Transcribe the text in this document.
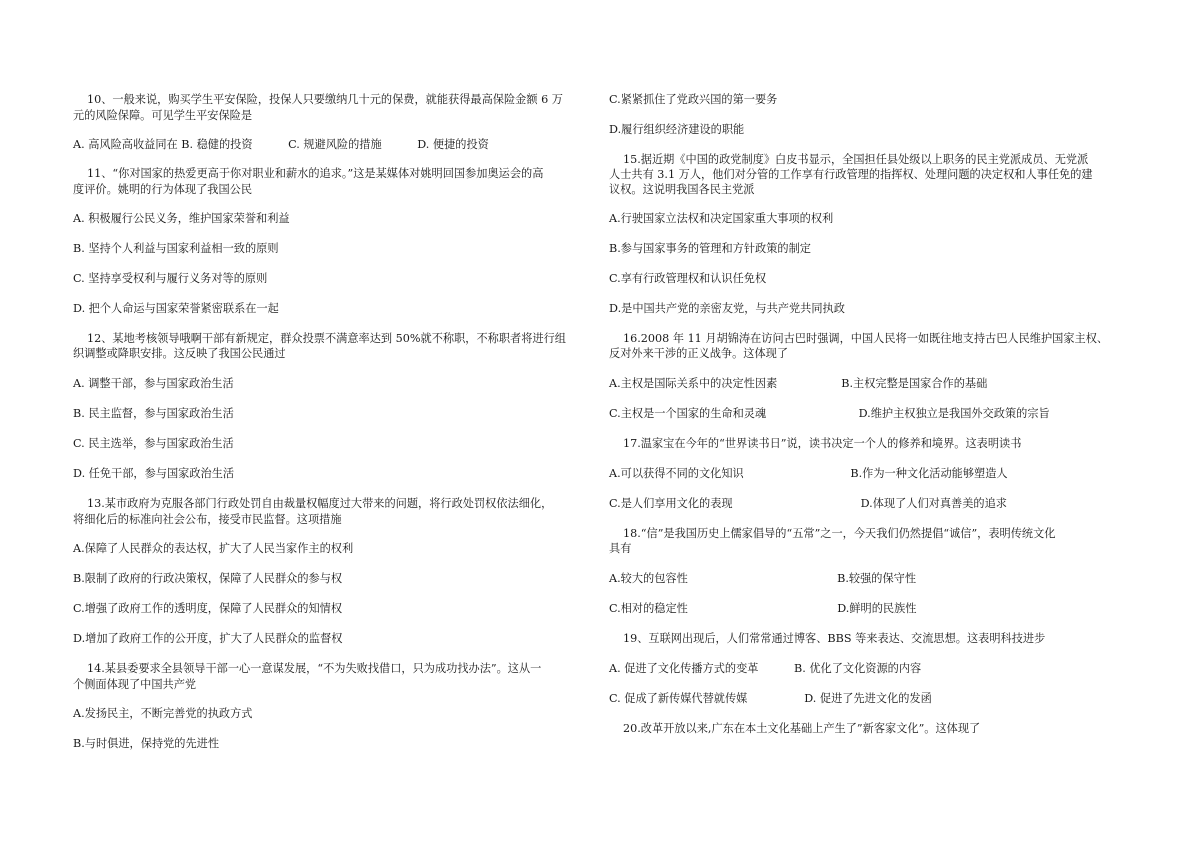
10、一般来说，购买学生平安保险，投保人只要缴纳几十元的保费，就能获得最高保险金额 6 万
元的风险保障。可见学生平安保险是
A. 高风险高收益同在 B. 稳健的投资          C. 规避风险的措施          D. 便捷的投资
11、“你对国家的热爱更高于你对职业和薪水的追求。”这是某媒体对姚明回国参加奥运会的高
度评价。姚明的行为体现了我国公民
A. 积极履行公民义务，维护国家荣誉和利益
B. 坚持个人利益与国家利益相一致的原则
C. 坚持享受权利与履行义务对等的原则
D. 把个人命运与国家荣誉紧密联系在一起
12、某地考核领导哦啊干部有新规定，群众投票不满意率达到 50%就不称职，不称职者将进行组
织调整或降职安排。这反映了我国公民通过
A. 调整干部，参与国家政治生活
B. 民主监督，参与国家政治生活
C. 民主选举，参与国家政治生活
D. 任免干部，参与国家政治生活
13.某市政府为克服各部门行政处罚自由裁量权幅度过大带来的问题，将行政处罚权依法细化，
将细化后的标准向社会公布，接受市民监督。这项措施
A.保障了人民群众的表达权，扩大了人民当家作主的权利
B.限制了政府的行政决策权，保障了人民群众的参与权
C.增强了政府工作的透明度，保障了人民群众的知情权
D.增加了政府工作的公开度，扩大了人民群众的监督权
14.某县委要求全县领导干部一心一意谋发展，“不为失败找借口，只为成功找办法”。这从一
个侧面体现了中国共产党
A.发扬民主，不断完善党的执政方式
B.与时俱进，保持党的先进性
C.紧紧抓住了党政兴国的第一要务
D.履行组织经济建设的职能
15.据近期《中国的政党制度》白皮书显示，全国担任县处级以上职务的民主党派成员、无党派
人士共有 3.1 万人，他们对分管的工作享有行政管理的指挥权、处理问题的决定权和人事任免的建
议权。这说明我国各民主党派
A.行驶国家立法权和决定国家重大事项的权利
B.参与国家事务的管理和方针政策的制定
C.享有行政管理权和认识任免权
D.是中国共产党的亲密友党，与共产党共同执政
16.2008 年 11 月胡锦涛在访问古巴时强调，中国人民将一如既往地支持古巴人民维护国家主权、
反对外来干涉的正义战争。这体现了
A.主权是国际关系中的决定性因素                  B.主权完整是国家合作的基础
C.主权是一个国家的生命和灵魂                          D.维护主权独立是我国外交政策的宗旨
17.温家宝在今年的“世界读书日”说，读书决定一个人的修养和境界。这表明读书
A.可以获得不同的文化知识                              B.作为一种文化活动能够塑造人
C.是人们享用文化的表现                                    D.体现了人们对真善美的追求
18.“信”是我国历史上儒家倡导的“五常”之一，今天我们仍然提倡“诚信”，表明传统文化
具有
A.较大的包容性                                          B.较强的保守性
C.相对的稳定性                                          D.鲜明的民族性
19、互联网出现后，人们常常通过博客、BBS 等来表达、交流思想。这表明科技进步
A. 促进了文化传播方式的变革          B. 优化了文化资源的内容
C. 促成了新传媒代替就传媒                D. 促进了先进文化的发函
20.改革开放以来,广东在本土文化基础上产生了”新客家文化”。这体现了
